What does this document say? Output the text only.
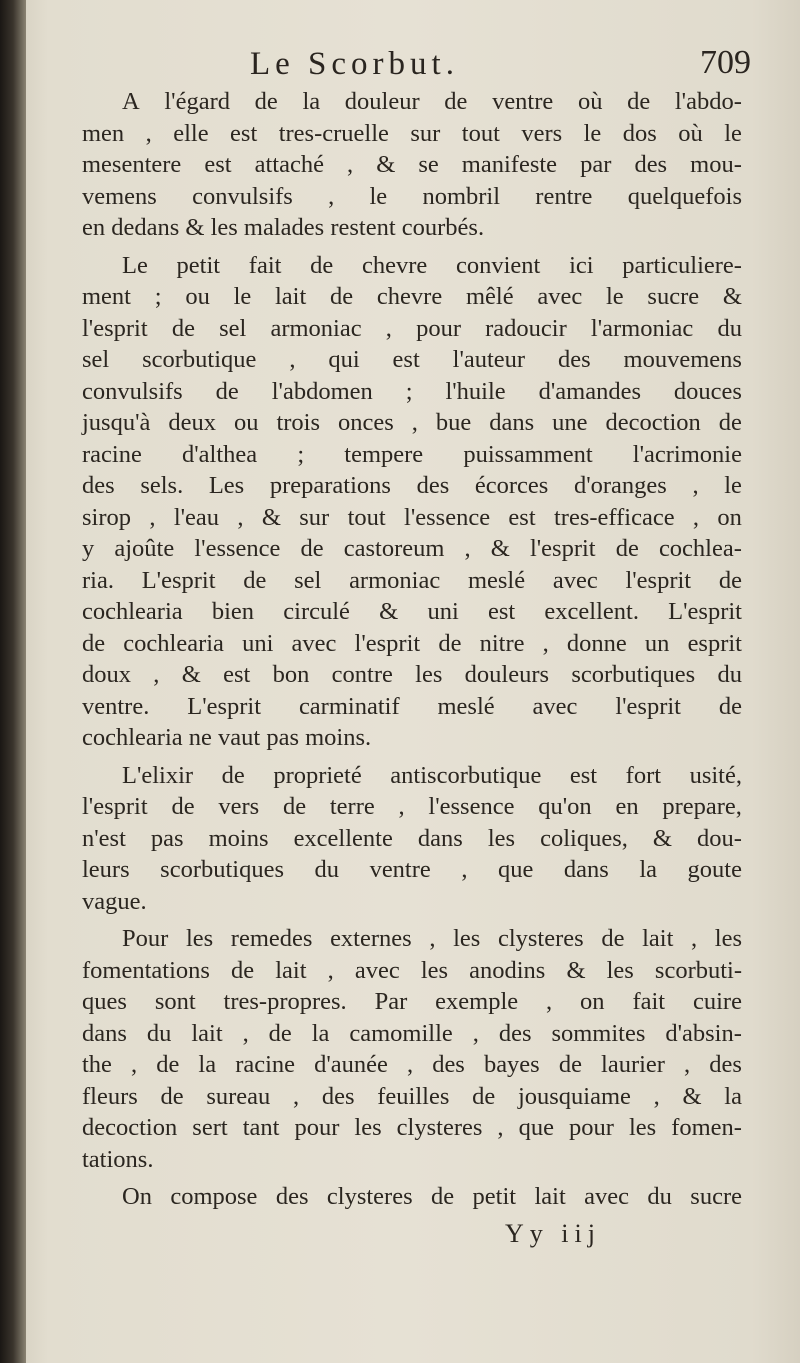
Le Scorbut.	709
A l'égard de la douleur de ventre où de l'abdo-
men , elle est tres-cruelle sur tout vers le dos où le
mesentere est attaché , & se manifeste par des mou-
vemens convulsifs , le nombril rentre quelquefois
en dedans & les malades restent courbés.
Le petit fait de chevre convient ici particuliere-
ment ; ou le lait de chevre mêlé avec le sucre &
l'esprit de sel armoniac , pour radoucir l'armoniac du
sel scorbutique , qui est l'auteur des mouvemens
convulsifs de l'abdomen ; l'huile d'amandes douces
jusqu'à deux ou trois onces , bue dans une decoction de
racine d'althea ; tempere puissamment l'acrimonie
des sels. Les preparations des écorces d'oranges , le
sirop , l'eau , & sur tout l'essence est tres-efficace , on
y ajoûte l'essence de castoreum , & l'esprit de cochlea-
ria. L'esprit de sel armoniac meslé avec l'esprit de
cochlearia bien circulé & uni est excellent. L'esprit
de cochlearia uni avec l'esprit de nitre , donne un esprit
doux , & est bon contre les douleurs scorbutiques du
ventre. L'esprit carminatif meslé avec l'esprit de
cochlearia ne vaut pas moins.
L'elixir de proprieté antiscorbutique est fort usité,
l'esprit de vers de terre , l'essence qu'on en prepare,
n'est pas moins excellente dans les coliques, & dou-
leurs scorbutiques du ventre , que dans la goute
vague.
Pour les remedes externes , les clysteres de lait , les
fomentations de lait , avec les anodins & les scorbuti-
ques sont tres-propres. Par exemple , on fait cuire
dans du lait , de la camomille , des sommites d'absin-
the , de la racine d'aunée , des bayes de laurier , des
fleurs de sureau , des feuilles de jousquiame , & la
decoction sert tant pour les clysteres , que pour les fomen-
tations.
On compose des clysteres de petit lait avec du sucre
Yy iij
